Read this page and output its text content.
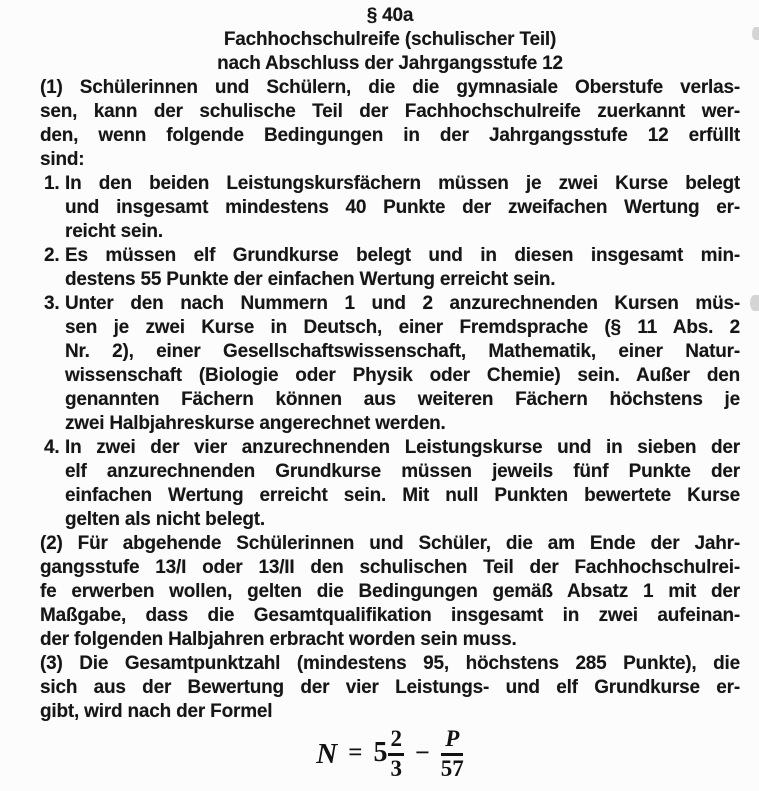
§ 40a
Fachhochschulreife (schulischer Teil)
nach Abschluss der Jahrgangsstufe 12
(1) Schülerinnen und Schülern, die die gymnasiale Oberstufe verlas-
sen, kann der schulische Teil der Fachhochschulreife zuerkannt wer-
den, wenn folgende Bedingungen in der Jahrgangsstufe 12 erfüllt
sind:
1. In den beiden Leistungskursfächern müssen je zwei Kurse belegt
und insgesamt mindestens 40 Punkte der zweifachen Wertung er-
reicht sein.
2. Es müssen elf Grundkurse belegt und in diesen insgesamt min-
destens 55 Punkte der einfachen Wertung erreicht sein.
3. Unter den nach Nummern 1 und 2 anzurechnenden Kursen müs-
sen je zwei Kurse in Deutsch, einer Fremdsprache (§ 11 Abs. 2
Nr. 2), einer Gesellschaftswissenschaft, Mathematik, einer Natur-
wissenschaft (Biologie oder Physik oder Chemie) sein. Außer den
genannten Fächern können aus weiteren Fächern höchstens je
zwei Halbjahreskurse angerechnet werden.
4. In zwei der vier anzurechnenden Leistungskurse und in sieben der
elf anzurechnenden Grundkurse müssen jeweils fünf Punkte der
einfachen Wertung erreicht sein. Mit null Punkten bewertete Kurse
gelten als nicht belegt.
(2) Für abgehende Schülerinnen und Schüler, die am Ende der Jahr-
gangsstufe 13/I oder 13/II den schulischen Teil der Fachhochschulrei-
fe erwerben wollen, gelten die Bedingungen gemäß Absatz 1 mit der
Maßgabe, dass die Gesamtqualifikation insgesamt in zwei aufeinan-
der folgenden Halbjahren erbracht worden sein muss.
(3) Die Gesamtpunktzahl (mindestens 95, höchstens 285 Punkte), die
sich aus der Bewertung der vier Leistungs- und elf Grundkurse er-
gibt, wird nach der Formel
$N = 5 \frac{2}{3} - \frac{P}{57}$
